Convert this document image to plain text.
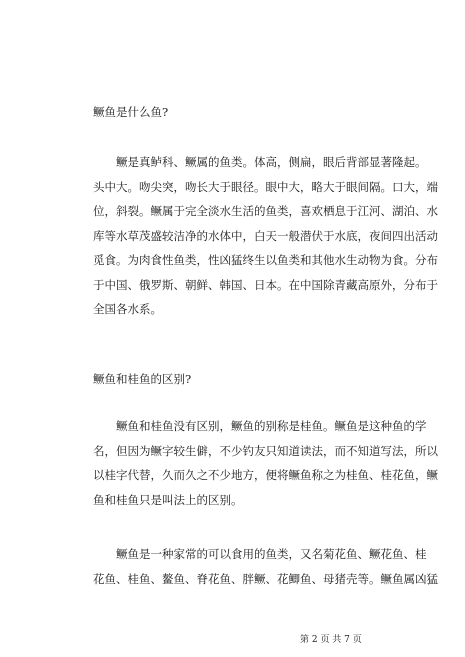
鳜鱼是什么鱼?
鳜是真鲈科、鳜属的鱼类。体高，侧扁，眼后背部显著隆起。
头中大。吻尖突，吻长大于眼径。眼中大，略大于眼间隔。口大，端
位，斜裂。鳜属于完全淡水生活的鱼类，喜欢栖息于江河、湖泊、水
库等水草茂盛较洁净的水体中，白天一般潜伏于水底，夜间四出活动
觅食。为肉食性鱼类，性凶猛终生以鱼类和其他水生动物为食。分布
于中国、俄罗斯、朝鲜、韩国、日本。在中国除青藏高原外，分布于
全国各水系。
鳜鱼和桂鱼的区别?
鳜鱼和桂鱼没有区别，鳜鱼的别称是桂鱼。鳜鱼是这种鱼的学
名，但因为鳜字较生僻，不少钓友只知道读法，而不知道写法，所以
以桂字代替，久而久之不少地方，便将鳜鱼称之为桂鱼、桂花鱼，鳜
鱼和桂鱼只是叫法上的区别。
鳜鱼是一种家常的可以食用的鱼类，又名菊花鱼、鳜花鱼、桂
花鱼、桂鱼、鳌鱼、脊花鱼、胖鳜、花鲫鱼、母猪壳等。鳜鱼属凶猛
第 2 页 共 7 页
